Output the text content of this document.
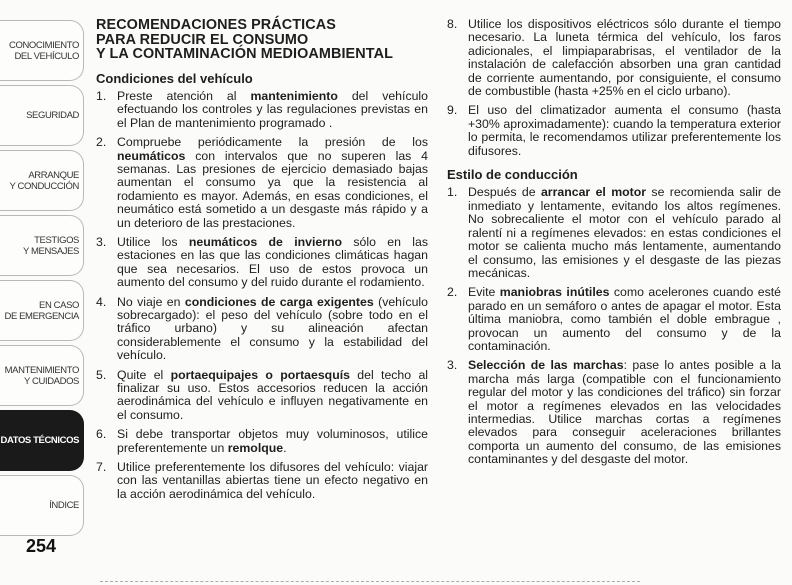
CONOCIMIENTO
DEL VEHÍCULO
SEGURIDAD
ARRANQUE
Y CONDUCCIÓN
TESTIGOS
Y MENSAJES
EN CASO
DE EMERGENCIA
MANTENIMIENTO
Y CUIDADOS
DATOS TÉCNICOS
ÍNDICE
254
RECOMENDACIONES PRÁCTICAS
PARA REDUCIR EL CONSUMO
Y LA CONTAMINACIÓN MEDIOAMBIENTAL
Condiciones del vehículo
1. Preste atención al mantenimiento del vehículo efectuando los controles y las regulaciones previstas en el Plan de mantenimiento programado .
2. Compruebe periódicamente la presión de los neumáticos con intervalos que no superen las 4 semanas. Las presiones de ejercicio demasiado bajas aumentan el consumo ya que la resistencia al rodamiento es mayor. Además, en esas condiciones, el neumático está sometido a un desgaste más rápido y a un deterioro de las prestaciones.
3. Utilice los neumáticos de invierno sólo en las estaciones en las que las condiciones climáticas hagan que sea necesarios. El uso de estos provoca un aumento del consumo y del ruido durante el rodamiento.
4. No viaje en condiciones de carga exigentes (vehículo sobrecargado): el peso del vehículo (sobre todo en el tráfico urbano) y su alineación afectan considerablemente el consumo y la estabilidad del vehículo.
5. Quite el portaequipajes o portaesquís del techo al finalizar su uso. Estos accesorios reducen la acción aerodinámica del vehículo e influyen negativamente en el consumo.
6. Si debe transportar objetos muy voluminosos, utilice preferentemente un remolque.
7. Utilice preferentemente los difusores del vehículo: viajar con las ventanillas abiertas tiene un efecto negativo en la acción aerodinámica del vehículo.
8. Utilice los dispositivos eléctricos sólo durante el tiempo necesario. La luneta térmica del vehículo, los faros adicionales, el limpiaparabrisas, el ventilador de la instalación de calefacción absorben una gran cantidad de corriente aumentando, por consiguiente, el consumo de combustible (hasta +25% en el ciclo urbano).
9. El uso del climatizador aumenta el consumo (hasta +30% aproximadamente): cuando la temperatura exterior lo permita, le recomendamos utilizar preferentemente los difusores.
Estilo de conducción
1. Después de arrancar el motor se recomienda salir de inmediato y lentamente, evitando los altos regímenes. No sobrecaliente el motor con el vehículo parado al ralentí ni a regímenes elevados: en estas condiciones el motor se calienta mucho más lentamente, aumentando el consumo, las emisiones y el desgaste de las piezas mecánicas.
2. Evite maniobras inútiles como acelerones cuando esté parado en un semáforo o antes de apagar el motor. Esta última maniobra, como también el doble embrague , provocan un aumento del consumo y de la contaminación.
3. Selección de las marchas: pase lo antes posible a la marcha más larga (compatible con el funcionamiento regular del motor y las condiciones del tráfico) sin forzar el motor a regímenes elevados en las velocidades intermedias. Utilice marchas cortas a regímenes elevados para conseguir aceleraciones brillantes comporta un aumento del consumo, de las emisiones contaminantes y del desgaste del motor.
